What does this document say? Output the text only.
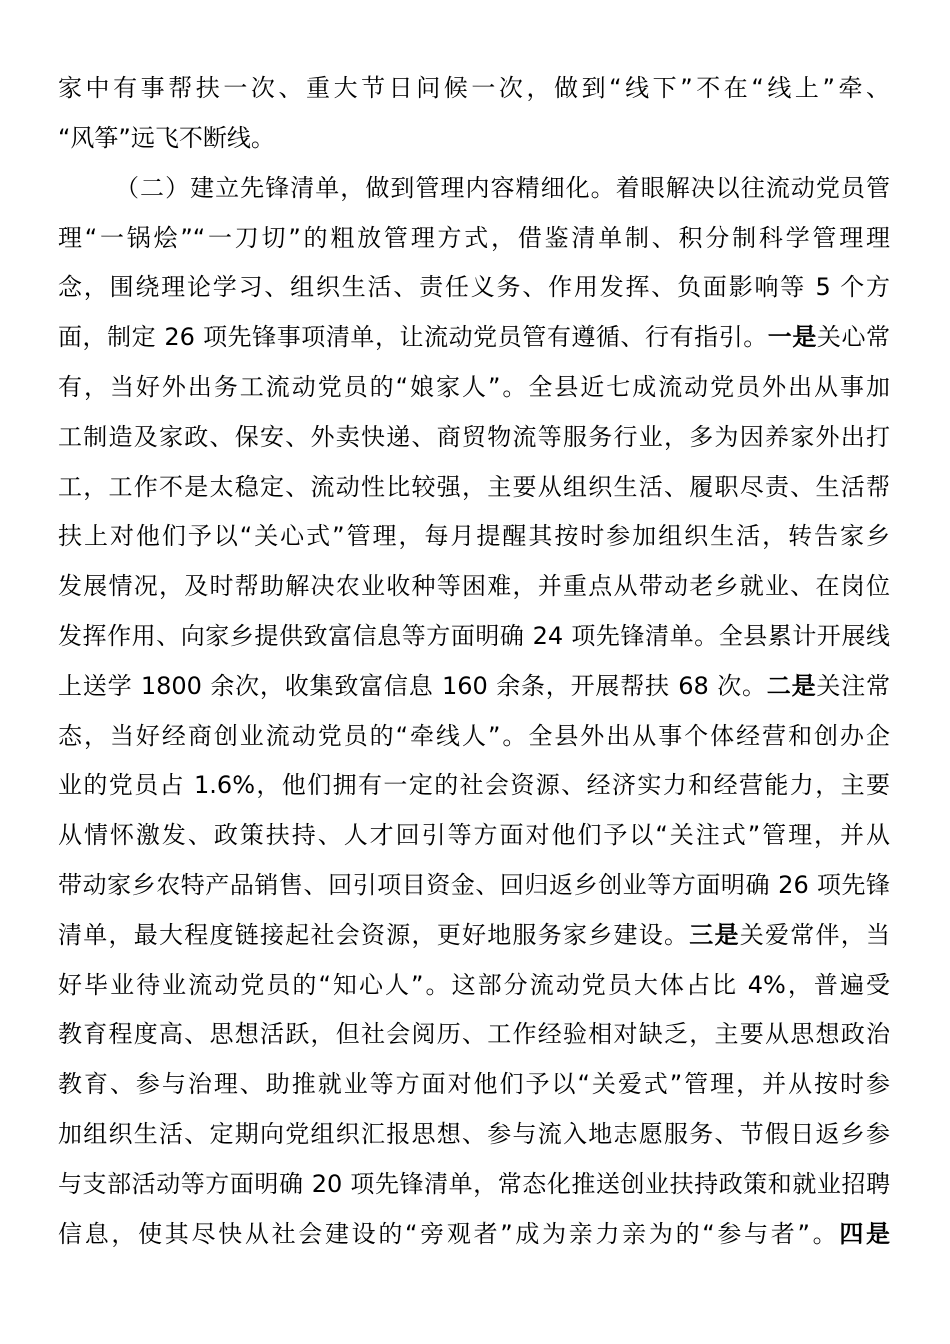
家中有事帮扶一次、重大节日问候一次，做到“线下”不在“线上”牵、
“风筝”远飞不断线。
（二）建立先锋清单，做到管理内容精细化。着眼解决以往流动党员管
理“一锅烩”“一刀切”的粗放管理方式，借鉴清单制、积分制科学管理理
念，围绕理论学习、组织生活、责任义务、作用发挥、负面影响等 5 个方
面，制定 26 项先锋事项清单，让流动党员管有遵循、行有指引。一是关心常
有，当好外出务工流动党员的“娘家人”。全县近七成流动党员外出从事加
工制造及家政、保安、外卖快递、商贸物流等服务行业，多为因养家外出打
工，工作不是太稳定、流动性比较强，主要从组织生活、履职尽责、生活帮
扶上对他们予以“关心式”管理，每月提醒其按时参加组织生活，转告家乡
发展情况，及时帮助解决农业收种等困难，并重点从带动老乡就业、在岗位
发挥作用、向家乡提供致富信息等方面明确 24 项先锋清单。全县累计开展线
上送学 1800 余次，收集致富信息 160 余条，开展帮扶 68 次。二是关注常
态，当好经商创业流动党员的“牵线人”。全县外出从事个体经营和创办企
业的党员占 1.6%，他们拥有一定的社会资源、经济实力和经营能力，主要
从情怀激发、政策扶持、人才回引等方面对他们予以“关注式”管理，并从
带动家乡农特产品销售、回引项目资金、回归返乡创业等方面明确 26 项先锋
清单，最大程度链接起社会资源，更好地服务家乡建设。三是关爱常伴，当
好毕业待业流动党员的“知心人”。这部分流动党员大体占比 4%，普遍受
教育程度高、思想活跃，但社会阅历、工作经验相对缺乏，主要从思想政治
教育、参与治理、助推就业等方面对他们予以“关爱式”管理，并从按时参
加组织生活、定期向党组织汇报思想、参与流入地志愿服务、节假日返乡参
与支部活动等方面明确 20 项先锋清单，常态化推送创业扶持政策和就业招聘
信息，使其尽快从社会建设的“旁观者”成为亲力亲为的“参与者”。四是
